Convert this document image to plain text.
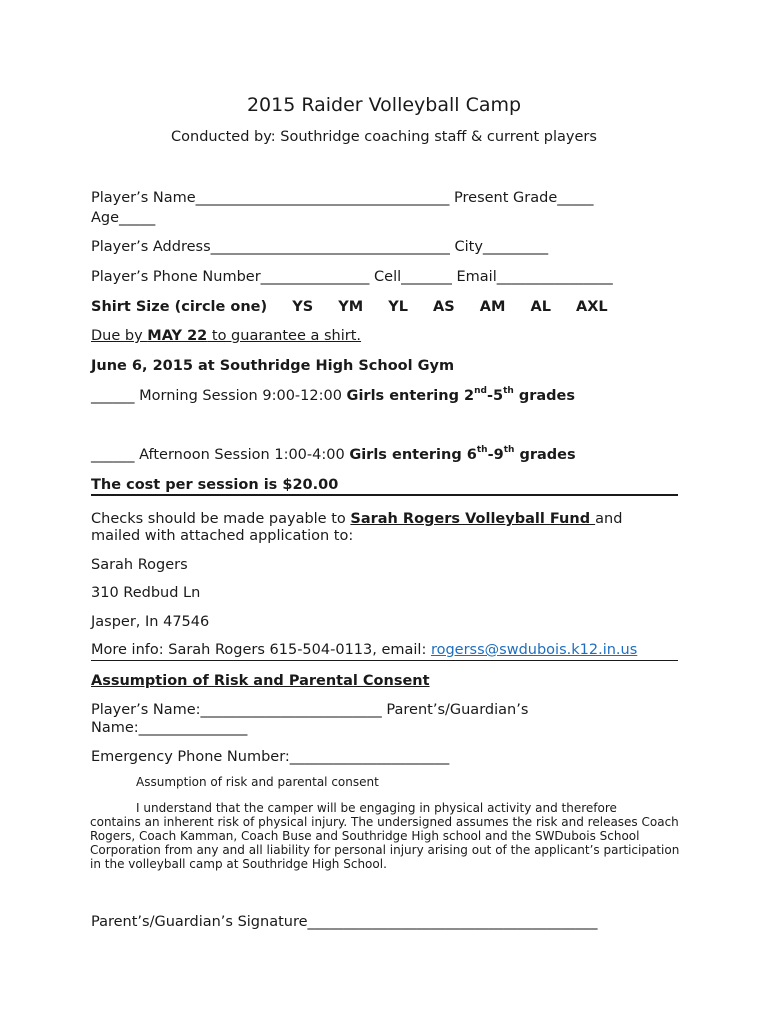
2015 Raider Volleyball Camp
Conducted by: Southridge coaching staff & current players
Player’s Name___________________________________ Present Grade_____
Age_____
Player’s Address_________________________________ City_________
Player’s Phone Number_______________ Cell_______ Email________________
Shirt Size (circle one) YS YM YL AS AM AL AXL
Due by MAY 22 to guarantee a shirt.
June 6, 2015 at Southridge High School Gym
______ Morning Session 9:00-12:00 Girls entering 2nd-5th grades
______ Afternoon Session 1:00-4:00 Girls entering 6th-9th grades
The cost per session is $20.00
Checks should be made payable to Sarah Rogers Volleyball Fund and
mailed with attached application to:
Sarah Rogers
310 Redbud Ln
Jasper, In 47546
More info: Sarah Rogers 615-504-0113, email: rogerss@swdubois.k12.in.us
Assumption of Risk and Parental Consent
Player’s Name:_________________________ Parent’s/Guardian’s
Name:_______________
Emergency Phone Number:______________________
Assumption of risk and parental consent
I understand that the camper will be engaging in physical activity and therefore
contains an inherent risk of physical injury. The undersigned assumes the risk and releases Coach Rogers, Coach Kamman, Coach Buse and Southridge High school and the SWDubois School Corporation from any and all liability for personal injury arising out of the applicant’s participation in the volleyball camp at Southridge High School.
Parent’s/Guardian’s Signature________________________________________
